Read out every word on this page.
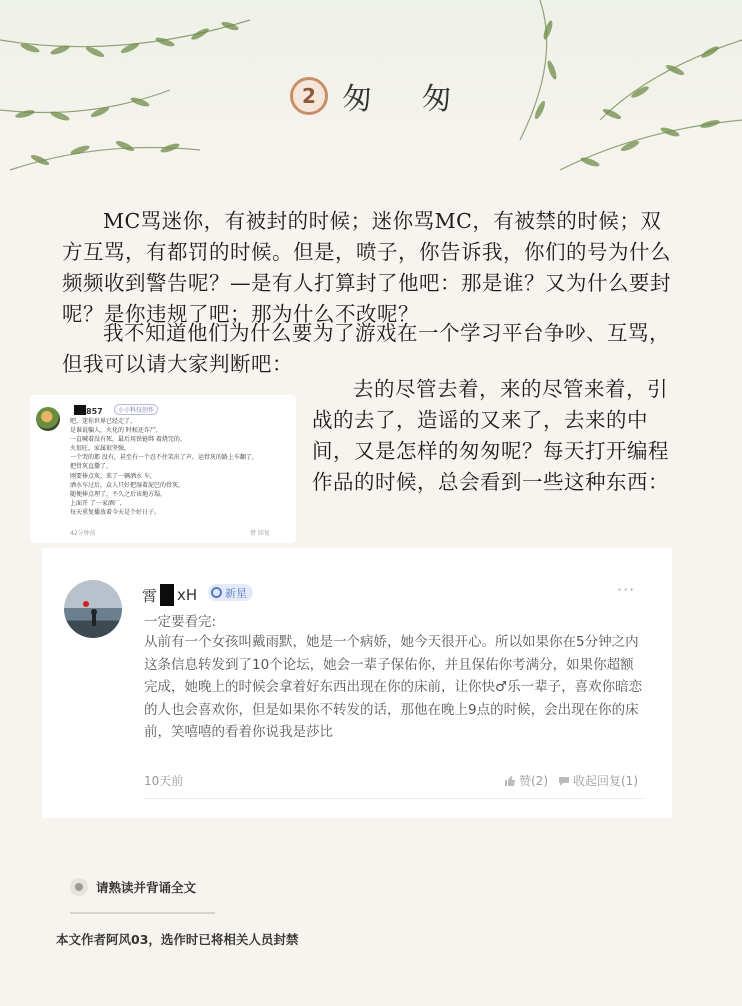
2 匆 匆

MC骂迷你，有被封的时候；迷你骂MC，有被禁的时候；双方互骂，有都罚的时候。但是，喷子，你告诉我，你们的号为什么频频收到警告呢？—是有人打算封了他吧：那是谁？又为什么要封呢？是你违规了吧；那为什么不改呢？

我不知道他们为什么要为了游戏在一个学习平台争吵、互骂，但我可以请大家判断吧：

去的尽管去着，来的尽管来着，引战的去了，造谣的又来了，去来的中间，又是怎样的匆匆呢？每天打开编程作品的时候，总会看到一些这种东西：

857	小小科技创作
吧，迷你世界已经走了，
是谁说骗人，火化的 时候还诈尸，
一直喊着没有死，最后用铁链绑 着烧完的。
火很旺，家属很坚强，
一个哭的都 没有，甚至有一个忍不住笑出了声。运骨灰的路上车翻了，
把骨灰直撒了，
刚要捧点灰，来了一辆洒水 车，
洒水车过后，众人只好把湿着泥巴的骨灰，
随便捧点埋了，不久之后该地方塌，
上面开 了一家酒厂，
每天重复播放着今天是个好日子。
42分钟前	赞 回复
霄 xH	新星	···
一定要看完:
从前有一个女孩叫戴雨默，她是一个病娇，她今天很开心。所以如果你在5分钟之内这条信息转发到了10个论坛，她会一辈子保佑你，并且保佑你考满分，如果你超额完成，她晚上的时候会拿着好东西出现在你的床前，让你快♂乐一辈子，喜欢你暗恋的人也会喜欢你，但是如果你不转发的话，那他在晚上9点的时候，会出现在你的床前，笑嘻嘻的看着你说我是莎比
10天前	赞(2) 收起回复(1)
请熟读并背诵全文
本文作者阿风03，选作时已将相关人员封禁
